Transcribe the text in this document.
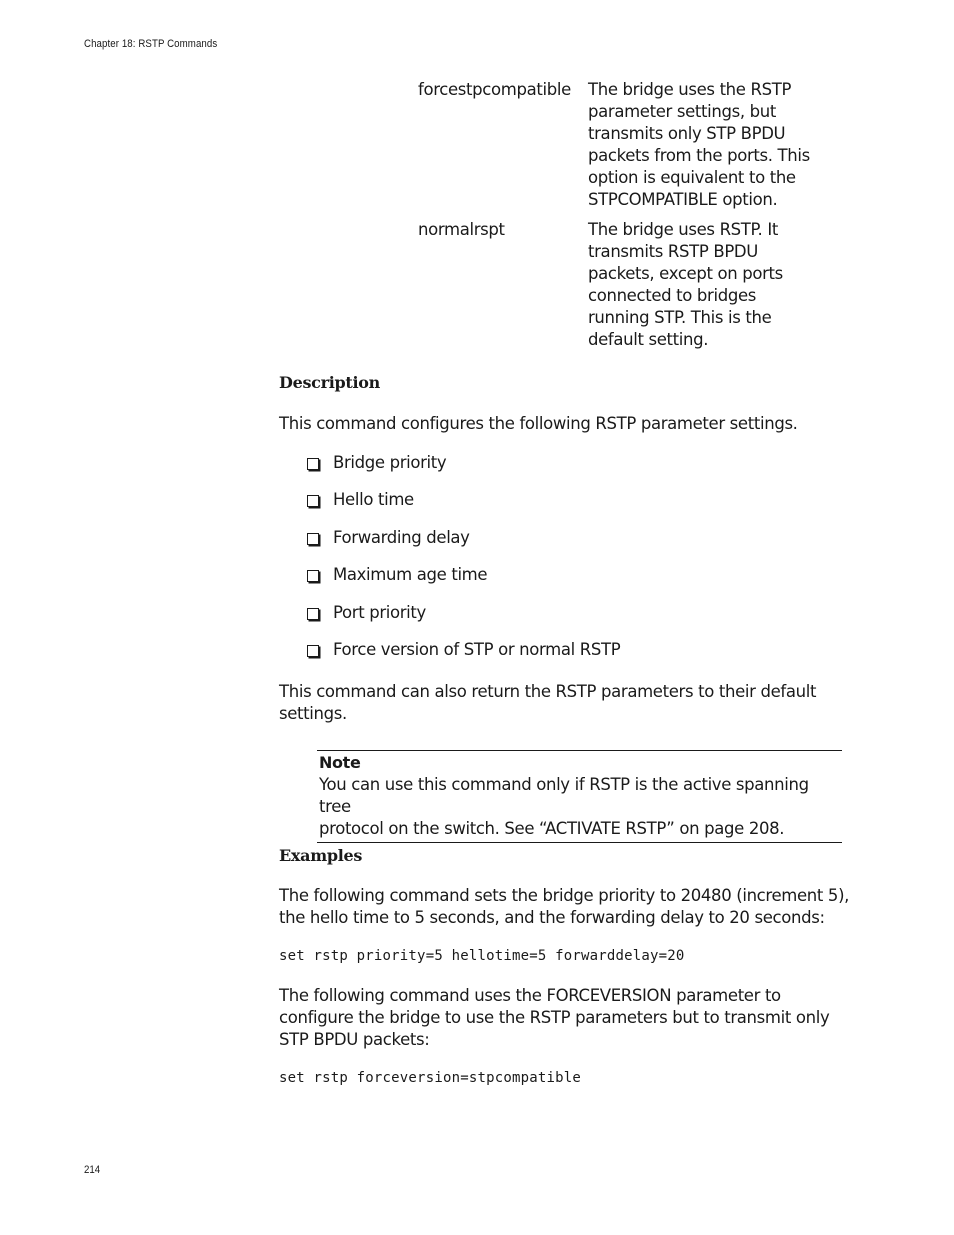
Chapter 18: RSTP Commands
forcestpcompatible	The bridge uses the RSTP
parameter settings, but
transmits only STP BPDU
packets from the ports. This
option is equivalent to the
STPCOMPATIBLE option.
normalrspt	The bridge uses RSTP. It
transmits RSTP BPDU
packets, except on ports
connected to bridges
running STP. This is the
default setting.
Description
This command configures the following RSTP parameter settings.
Bridge priority
Hello time
Forwarding delay
Maximum age time
Port priority
Force version of STP or normal RSTP
This command can also return the RSTP parameters to their default
settings.
Note
You can use this command only if RSTP is the active spanning tree
protocol on the switch. See “ACTIVATE RSTP” on page 208.
Examples
The following command sets the bridge priority to 20480 (increment 5),
the hello time to 5 seconds, and the forwarding delay to 20 seconds:
set rstp priority=5 hellotime=5 forwarddelay=20
The following command uses the FORCEVERSION parameter to
configure the bridge to use the RSTP parameters but to transmit only
STP BPDU packets:
set rstp forceversion=stpcompatible
214
